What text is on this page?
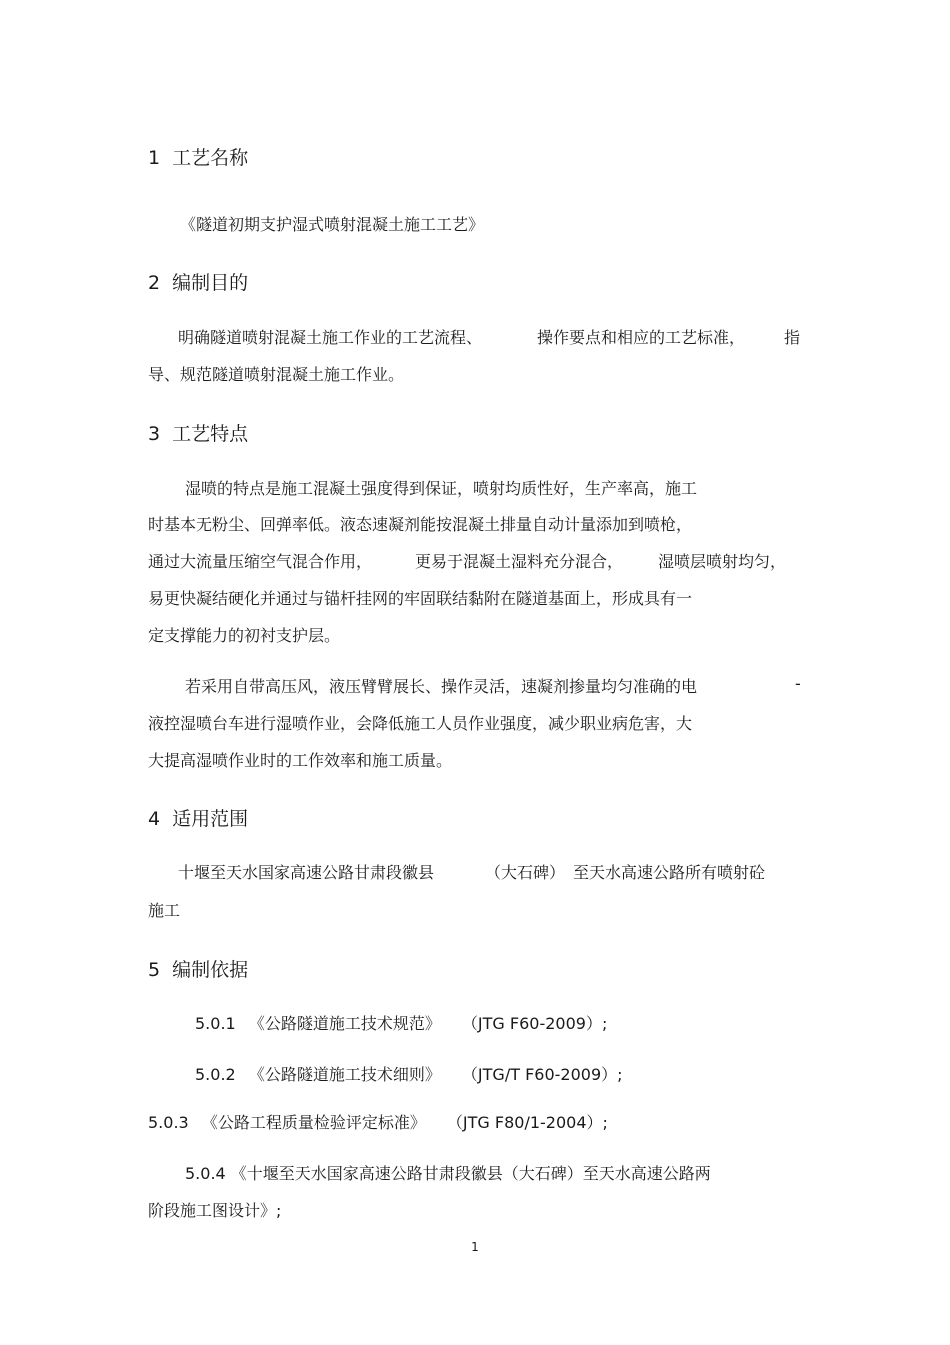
1 工艺名称
《隧道初期支护湿式喷射混凝土施工工艺》
2 编制目的
明确隧道喷射混凝土施工作业的工艺流程、	操作要点和相应的工艺标准， 指
导、规范隧道喷射混凝土施工作业。
3 工艺特点
湿喷的特点是施工混凝土强度得到保证，喷射均质性好，生产率高，施工
时基本无粉尘、回弹率低。液态速凝剂能按混凝土排量自动计量添加到喷枪，
通过大流量压缩空气混合作用，	更易于混凝土湿料充分混合， 湿喷层喷射均匀，
易更快凝结硬化并通过与锚杆挂网的牢固联结黏附在隧道基面上，形成具有一
定支撑能力的初衬支护层。
若采用自带高压风，液压臂臂展长、操作灵活，速凝剂掺量均匀准确的电	-
液控湿喷台车进行湿喷作业，会降低施工人员作业强度，减少职业病危害，大
大提高湿喷作业时的工作效率和施工质量。
4 适用范围
十堰至天水国家高速公路甘肃段徽县	（大石碑） 至天水高速公路所有喷射砼
施工
5 编制依据
5.0.1 《公路隧道施工技术规范》 （JTG F60-2009）;
5.0.2 《公路隧道施工技术细则》 （JTG/T F60-2009）;
5.0.3 《公路工程质量检验评定标准》 （JTG F80/1-2004）;
5.0.4 《十堰至天水国家高速公路甘肃段徽县（大石碑）至天水高速公路两
阶段施工图设计》;
1
